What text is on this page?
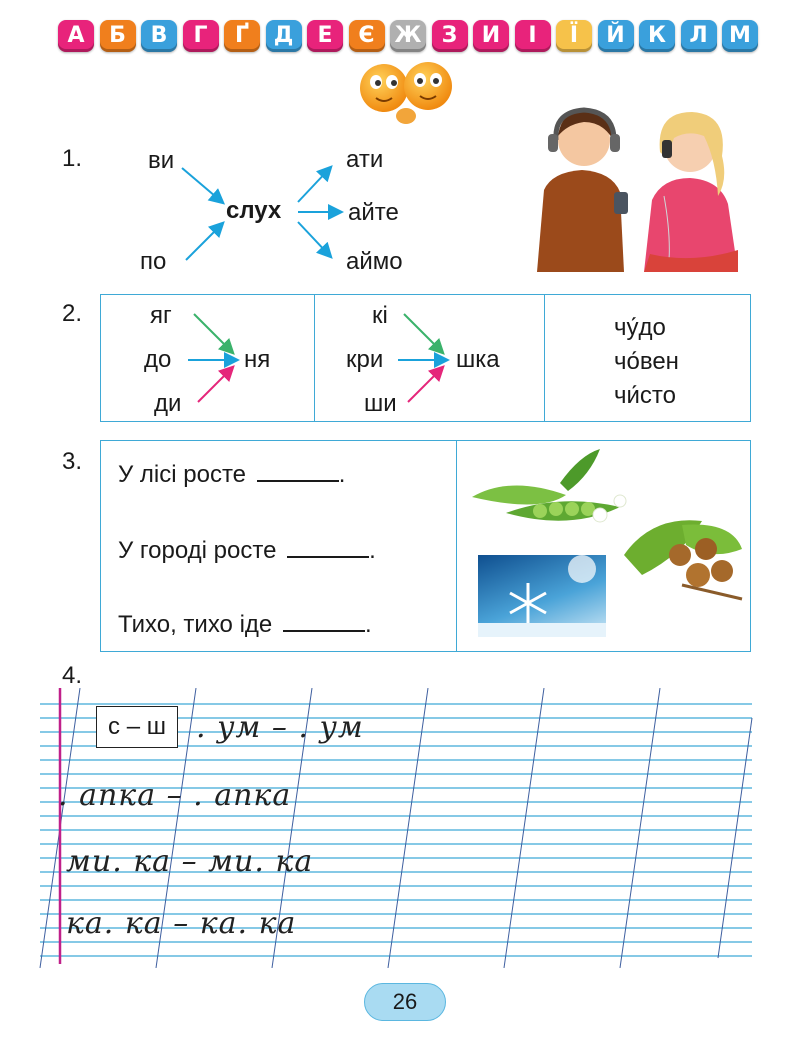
А	Б	В	Г	Ґ	Д	Е	Є Ж З	И	І	Ї	Й	К	Л М
1.	ви
по
слух
ати
айте
аймо
2.	яг
до
ди
ня
кі
кри
ши
шка
чу́до
чо́вен
чи́сто
3. У лісі росте	.
У городі росте	.
Тихо, тихо іде	.
4.
с – ш	. ум – . ум
. апка – . апка
ми. ка – ми. ка
ка. ка – ка. ка
26
